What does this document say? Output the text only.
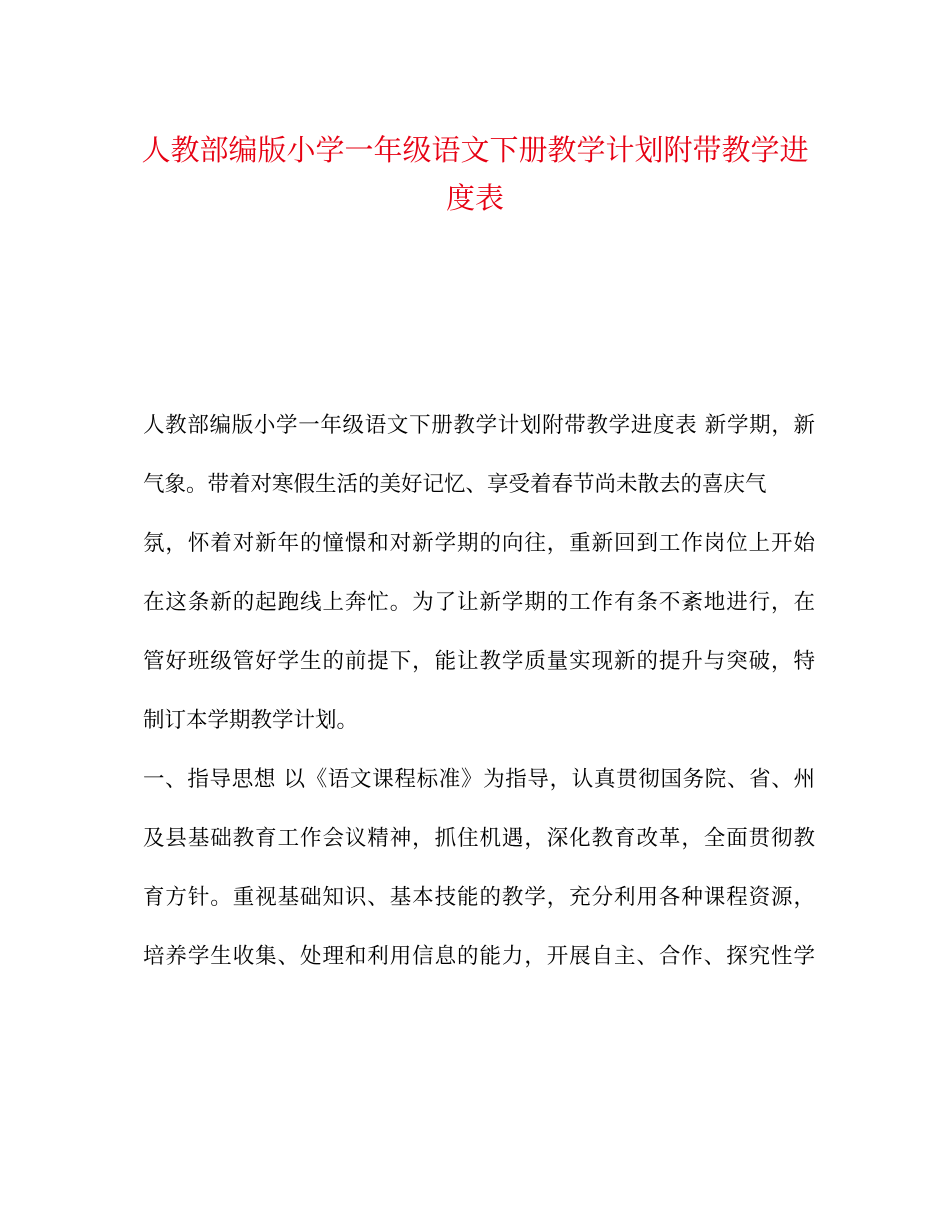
人教部编版小学一年级语文下册教学计划附带教学进
度表
人教部编版小学一年级语文下册教学计划附带教学进度表 新学期，新
气象。带着对寒假生活的美好记忆、享受着春节尚未散去的喜庆气
氛，怀着对新年的憧憬和对新学期的向往，重新回到工作岗位上开始
在这条新的起跑线上奔忙。为了让新学期的工作有条不紊地进行，在
管好班级管好学生的前提下，能让教学质量实现新的提升与突破，特
制订本学期教学计划。
一、指导思想 以《语文课程标准》为指导，认真贯彻国务院、省、州
及县基础教育工作会议精神，抓住机遇，深化教育改革，全面贯彻教
育方针。重视基础知识、基本技能的教学，充分利用各种课程资源，
培养学生收集、处理和利用信息的能力，开展自主、合作、探究性学
